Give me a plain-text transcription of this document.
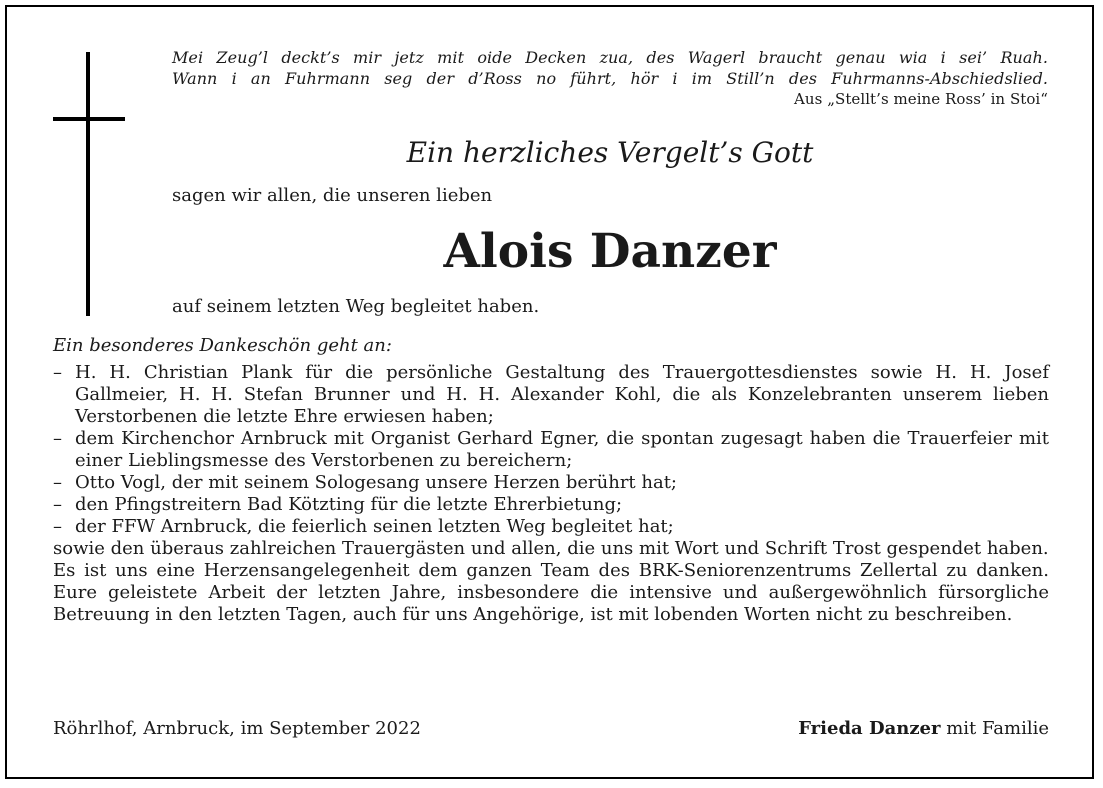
Mei Zeug’l deckt’s mir jetz mit oide Decken zua, des Wagerl braucht genau wia i sei’ Ruah.
Wann i an Fuhrmann seg der d’Ross no führt, hör i im Still’n des Fuhrmanns-Abschiedslied.
Aus „Stellt’s meine Ross’ in Stoi“
Ein herzliches Vergelt’s Gott
sagen wir allen, die unseren lieben
Alois Danzer
auf seinem letzten Weg begleitet haben.

Ein besonderes Dankeschön geht an:

– H. H. Christian Plank für die persönliche Gestaltung des Trauergottesdienstes sowie H. H. Josef Gallmeier, H. H. Stefan Brunner und H. H. Alexander Kohl, die als Konzelebranten unserem lieben Verstorbenen die letzte Ehre erwiesen haben;

– dem Kirchenchor Arnbruck mit Organist Gerhard Egner, die spontan zugesagt haben die Trauerfeier mit einer Lieblingsmesse des Verstorbenen zu bereichern;

– Otto Vogl, der mit seinem Sologesang unsere Herzen berührt hat;

– den Pfingstreitern Bad Kötzting für die letzte Ehrerbietung;

– der FFW Arnbruck, die feierlich seinen letzten Weg begleitet hat;

sowie den überaus zahlreichen Trauergästen und allen, die uns mit Wort und Schrift Trost gespendet haben.

Es ist uns eine Herzensangelegenheit dem ganzen Team des BRK-Seniorenzentrums Zellertal zu danken. Eure geleistete Arbeit der letzten Jahre, insbesondere die intensive und außergewöhnlich fürsorgliche Betreuung in den letzten Tagen, auch für uns Angehörige, ist mit lobenden Worten nicht zu beschreiben.

Röhrlhof, Arnbruck, im September 2022	Frieda Danzer mit Familie
